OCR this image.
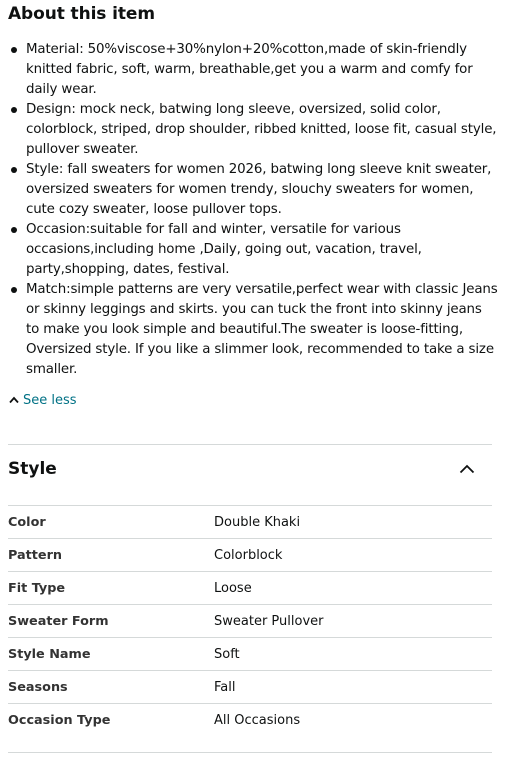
About this item
Material: 50%viscose+30%nylon+20%cotton,made of skin-friendly knitted fabric, soft, warm, breathable,get you a warm and comfy for daily wear.
Design: mock neck, batwing long sleeve, oversized, solid color, colorblock, striped, drop shoulder, ribbed knitted, loose fit, casual style, pullover sweater.
Style: fall sweaters for women 2026, batwing long sleeve knit sweater, oversized sweaters for women trendy, slouchy sweaters for women, cute cozy sweater, loose pullover tops.
Occasion:suitable for fall and winter, versatile for various occasions,including home ,Daily, going out, vacation, travel, party,shopping, dates, festival.
Match:simple patterns are very versatile,perfect wear with classic Jeans or skinny leggings and skirts. you can tuck the front into skinny jeans to make you look simple and beautiful.The sweater is loose-fitting, Oversized style. If you like a slimmer look, recommended to take a size smaller.
See less
Style
Color	Double Khaki
Pattern	Colorblock
Fit Type	Loose
Sweater Form	Sweater Pullover
Style Name	Soft
Seasons	Fall
Occasion Type	All Occasions
